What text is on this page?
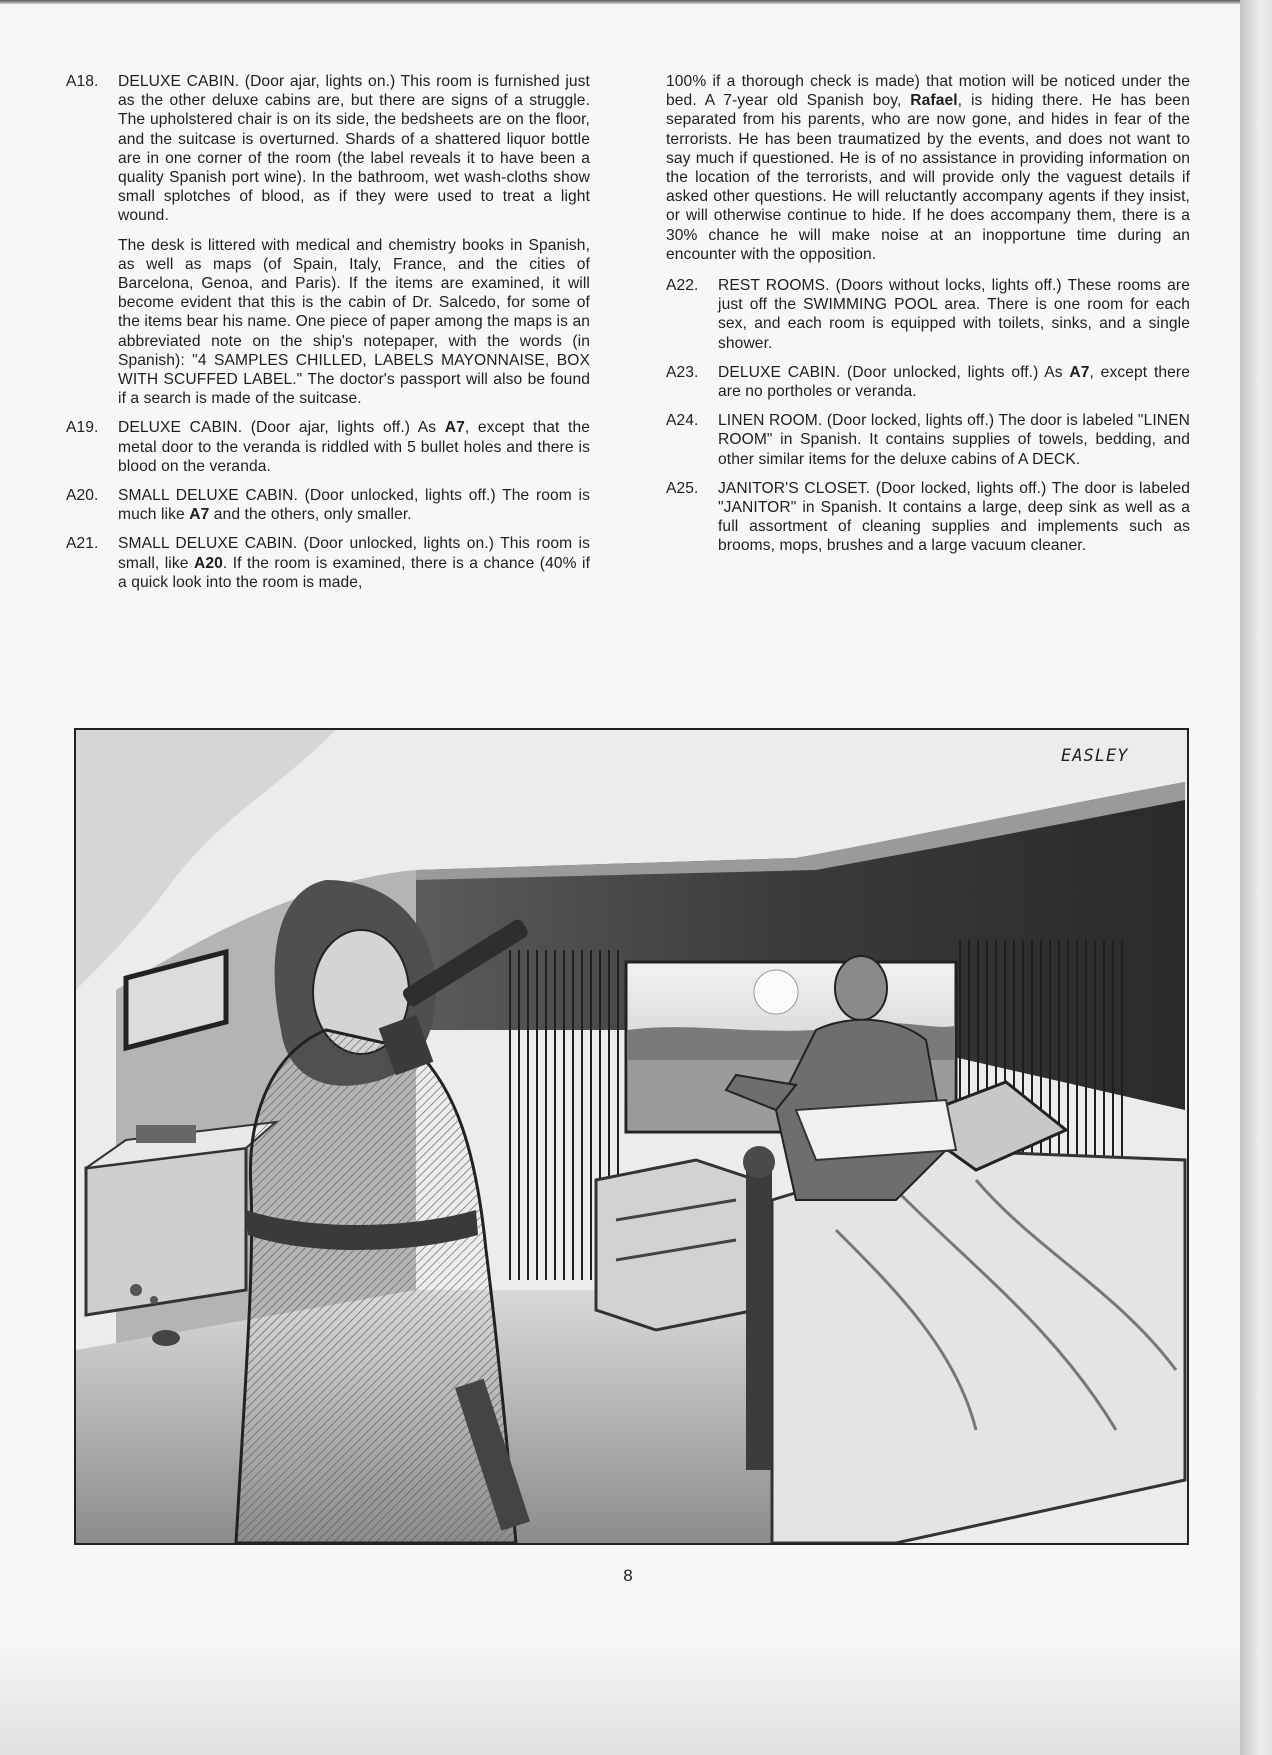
A18.	DELUXE CABIN. (Door ajar, lights on.) This room is furnished just as the other deluxe cabins are, but there are signs of a struggle. The upholstered chair is on its side, the bedsheets are on the floor, and the suitcase is overturned. Shards of a shattered liquor bottle are in one corner of the room (the label reveals it to have been a quality Spanish port wine). In the bathroom, wet wash-cloths show small splotches of blood, as if they were used to treat a light wound.

The desk is littered with medical and chemistry books in Spanish, as well as maps (of Spain, Italy, France, and the cities of Barcelona, Genoa, and Paris). If the items are examined, it will become evident that this is the cabin of Dr. Salcedo, for some of the items bear his name. One piece of paper among the maps is an abbreviated note on the ship's notepaper, with the words (in Spanish): "4 SAMPLES CHILLED, LABELS MAYONNAISE, BOX WITH SCUFFED LABEL." The doctor's passport will also be found if a search is made of the suitcase.

A19.	DELUXE CABIN. (Door ajar, lights off.) As A7, except that the metal door to the veranda is riddled with 5 bullet holes and there is blood on the veranda.
A20.	SMALL DELUXE CABIN. (Door unlocked, lights off.) The room is much like A7 and the others, only smaller.
A21.	SMALL DELUXE CABIN. (Door unlocked, lights on.) This room is small, like A20. If the room is examined, there is a chance (40% if a quick look into the room is made,

100% if a thorough check is made) that motion will be noticed under the bed. A 7-year old Spanish boy, Rafael, is hiding there. He has been separated from his parents, who are now gone, and hides in fear of the terrorists. He has been traumatized by the events, and does not want to say much if questioned. He is of no assistance in providing information on the location of the terrorists, and will provide only the vaguest details if asked other questions. He will reluctantly accompany agents if they insist, or will otherwise continue to hide. If he does accompany them, there is a 30% chance he will make noise at an inopportune time during an encounter with the opposition.

A22.	REST ROOMS. (Doors without locks, lights off.) These rooms are just off the SWIMMING POOL area. There is one room for each sex, and each room is equipped with toilets, sinks, and a single shower.
A23.	DELUXE CABIN. (Door unlocked, lights off.) As A7, except there are no portholes or veranda.
A24.	LINEN ROOM. (Door locked, lights off.) The door is labeled "LINEN ROOM" in Spanish. It contains supplies of towels, bedding, and other similar items for the deluxe cabins of A DECK.
A25.	JANITOR'S CLOSET. (Door locked, lights off.) The door is labeled "JANITOR" in Spanish. It contains a large, deep sink as well as a full assortment of cleaning supplies and implements such as brooms, mops, brushes and a large vacuum cleaner.
EASLEY
8
